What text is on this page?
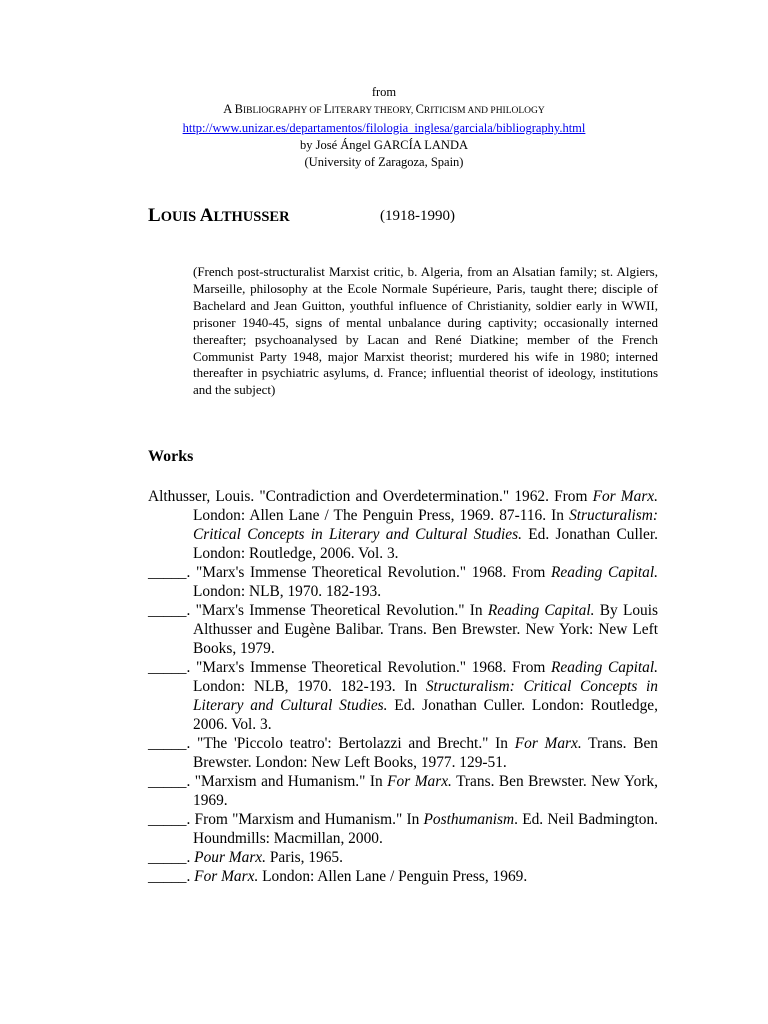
from
A BIBLIOGRAPHY OF LITERARY THEORY, CRITICISM AND PHILOLOGY
http://www.unizar.es/departamentos/filologia_inglesa/garciala/bibliography.html
by José Ángel GARCÍA LANDA
(University of Zaragoza, Spain)
LOUIS ALTHUSSER	(1918-1990)
(French post-structuralist Marxist critic, b. Algeria, from an Alsatian family; st. Algiers, Marseille, philosophy at the Ecole Normale Supérieure, Paris, taught there; disciple of Bachelard and Jean Guitton, youthful influence of Christianity, soldier early in WWII, prisoner 1940-45, signs of mental unbalance during captivity; occasionally interned thereafter; psychoanalysed by Lacan and René Diatkine; member of the French Communist Party 1948, major Marxist theorist; murdered his wife in 1980; interned thereafter in psychiatric asylums, d. France; influential theorist of ideology, institutions and the subject)
Works

Althusser, Louis. "Contradiction and Overdetermination." 1962. From For Marx. London: Allen Lane / The Penguin Press, 1969. 87-116. In Structuralism: Critical Concepts in Literary and Cultural Studies. Ed. Jonathan Culler. London: Routledge, 2006. Vol. 3.

_____. "Marx's Immense Theoretical Revolution." 1968. From Reading Capital. London: NLB, 1970. 182-193.

_____. "Marx's Immense Theoretical Revolution." In Reading Capital. By Louis Althusser and Eugène Balibar. Trans. Ben Brewster. New York: New Left Books, 1979.

_____. "Marx's Immense Theoretical Revolution." 1968. From Reading Capital. London: NLB, 1970. 182-193. In Structuralism: Critical Concepts in Literary and Cultural Studies. Ed. Jonathan Culler. London: Routledge, 2006. Vol. 3.

_____. "The 'Piccolo teatro': Bertolazzi and Brecht." In For Marx. Trans. Ben Brewster. London: New Left Books, 1977. 129-51.

_____. "Marxism and Humanism." In For Marx. Trans. Ben Brewster. New York, 1969.

_____. From "Marxism and Humanism." In Posthumanism. Ed. Neil Badmington. Houndmills: Macmillan, 2000.

_____. Pour Marx. Paris, 1965.

_____. For Marx. London: Allen Lane / Penguin Press, 1969.
